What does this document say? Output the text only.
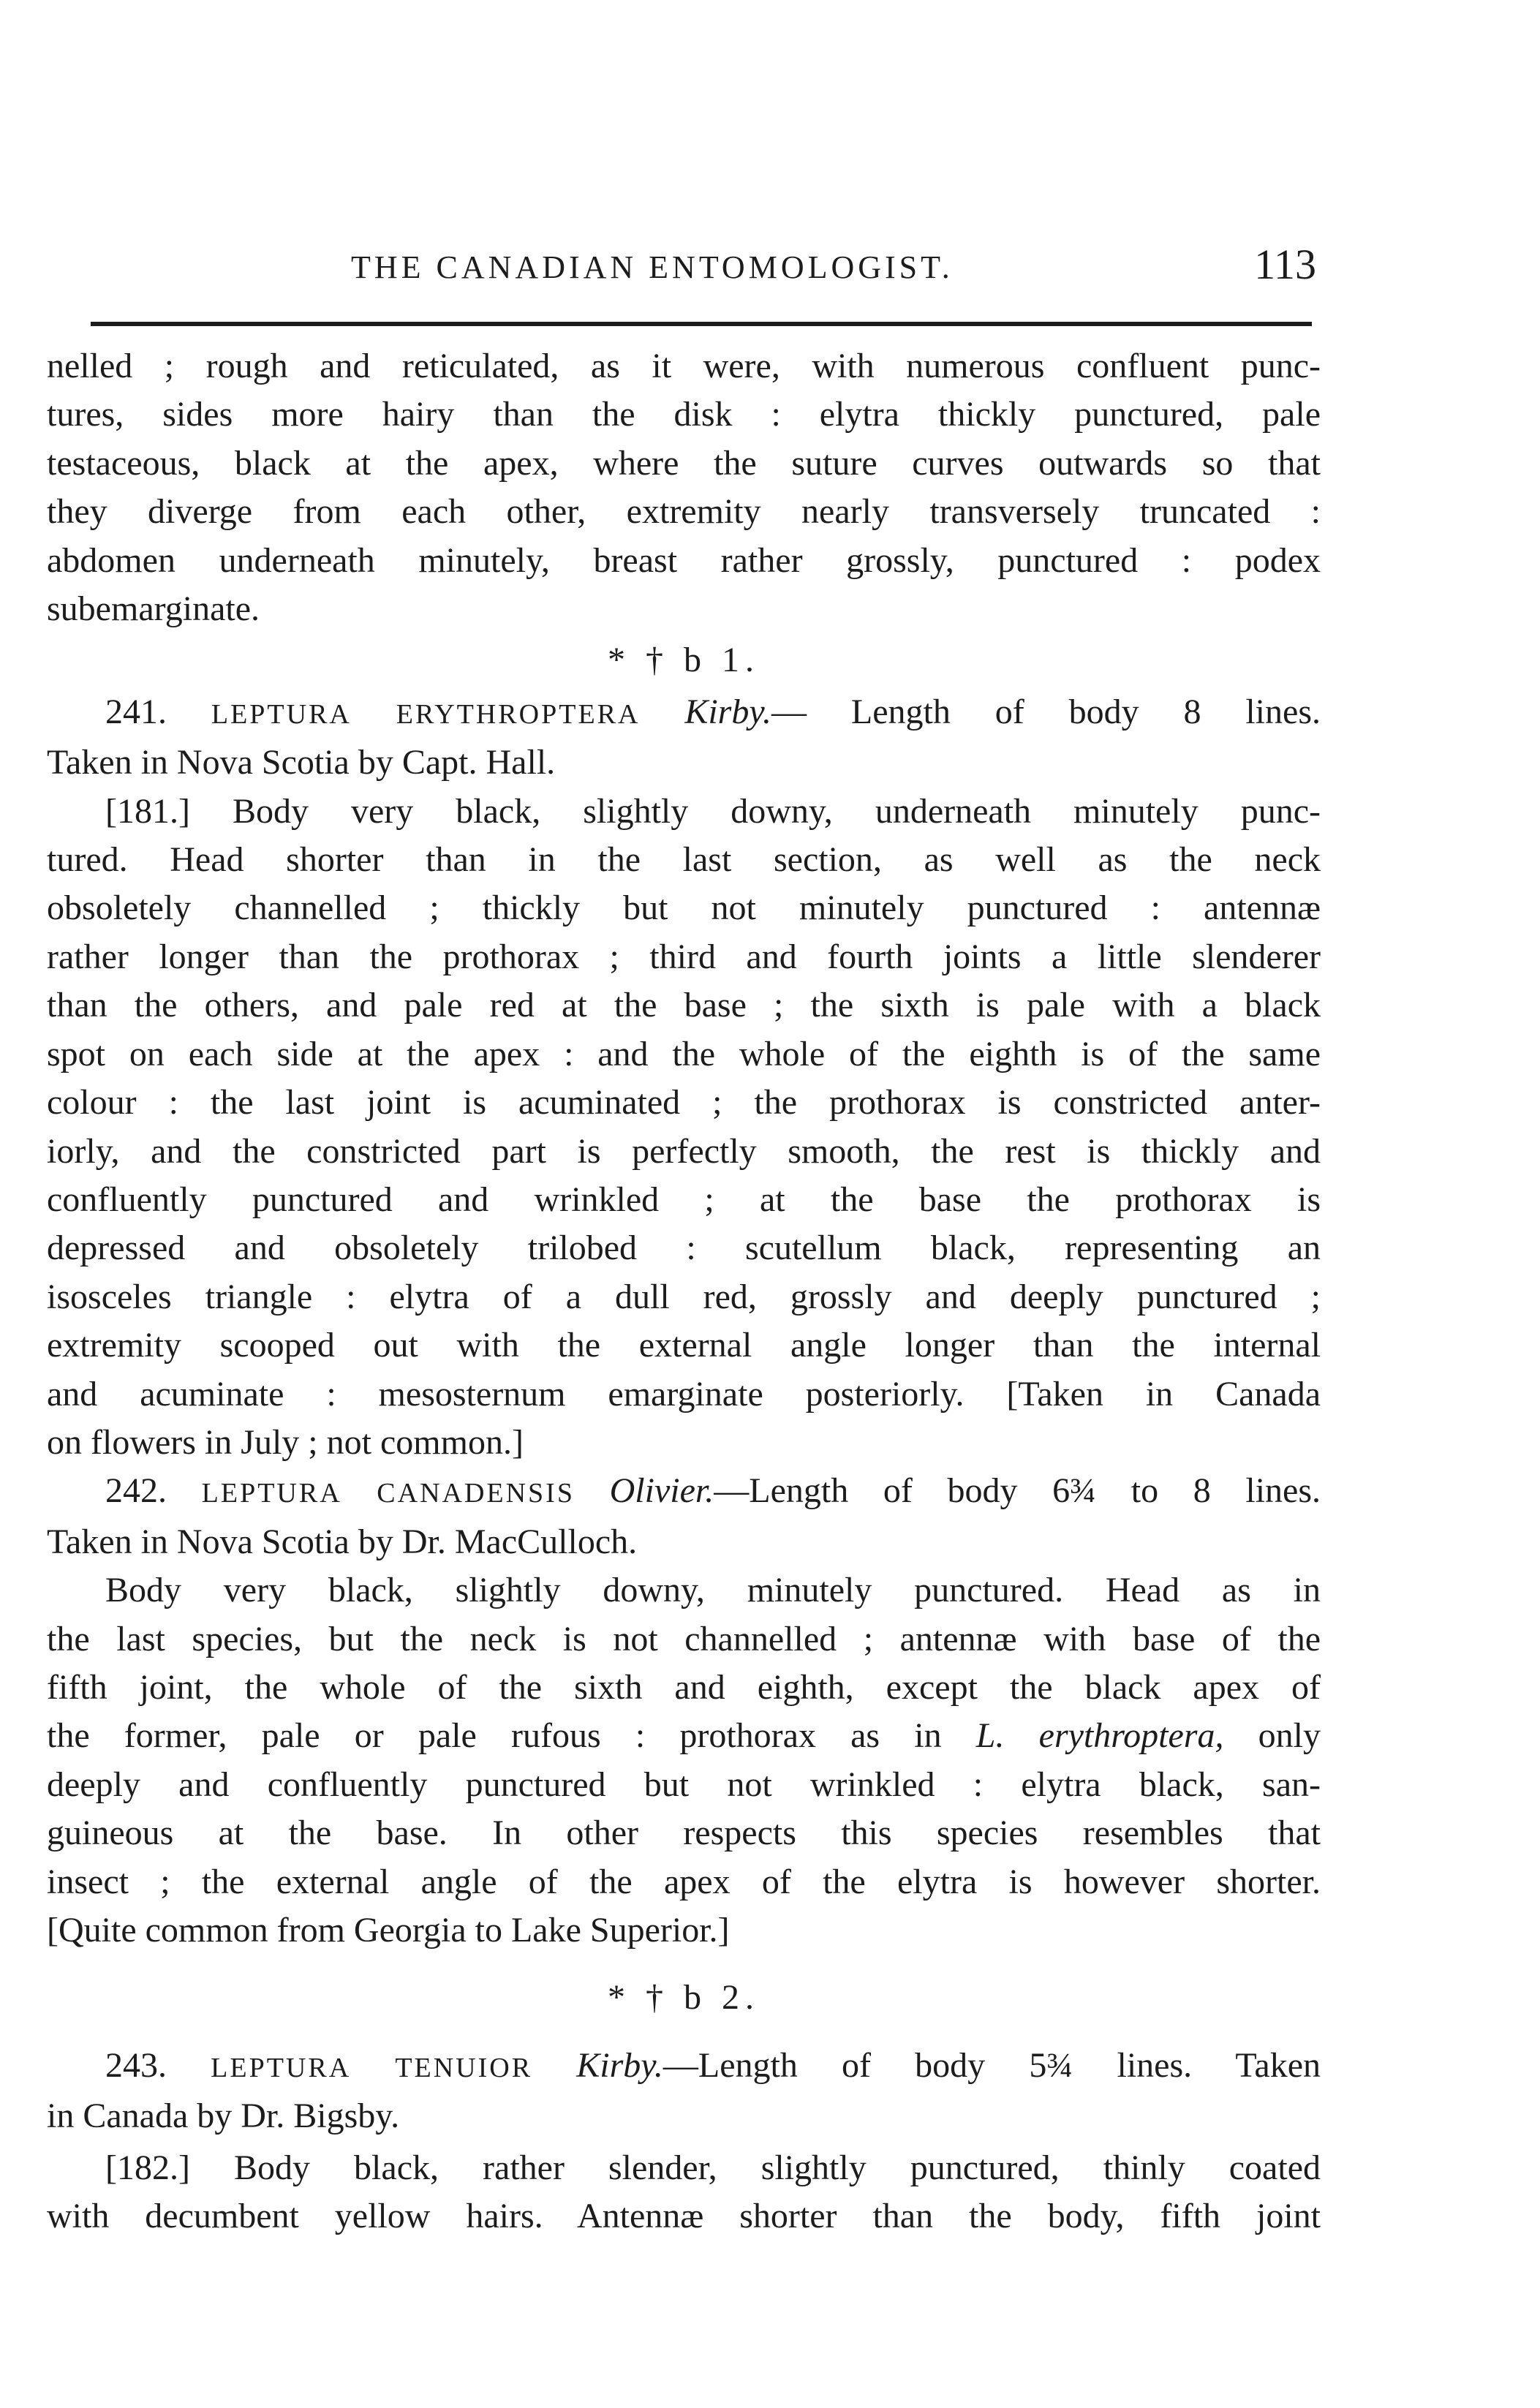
THE CANADIAN ENTOMOLOGIST.	113

nelled ; rough and reticulated, as it were, with numerous confluent punc-

tures, sides more hairy than the disk : elytra thickly punctured, pale

testaceous, black at the apex, where the suture curves outwards so that

they diverge from each other, extremity nearly transversely truncated :

abdomen underneath minutely, breast rather grossly, punctured : podex

subemarginate.

* † b 1.

241. LEPTURA ERYTHROPTERA Kirby.— Length of body 8 lines.

Taken in Nova Scotia by Capt. Hall.

[181.] Body very black, slightly downy, underneath minutely punc-

tured. Head shorter than in the last section, as well as the neck

obsoletely channelled ; thickly but not minutely punctured : antennæ

rather longer than the prothorax ; third and fourth joints a little slenderer

than the others, and pale red at the base ; the sixth is pale with a black

spot on each side at the apex : and the whole of the eighth is of the same

colour : the last joint is acuminated ; the prothorax is constricted anter-

iorly, and the constricted part is perfectly smooth, the rest is thickly and

confluently punctured and wrinkled ; at the base the prothorax is

depressed and obsoletely trilobed : scutellum black, representing an

isosceles triangle : elytra of a dull red, grossly and deeply punctured ;

extremity scooped out with the external angle longer than the internal

and acuminate : mesosternum emarginate posteriorly. [Taken in Canada

on flowers in July ; not common.]

242. LEPTURA CANADENSIS Olivier.—Length of body 6¾ to 8 lines.

Taken in Nova Scotia by Dr. MacCulloch.

Body very black, slightly downy, minutely punctured. Head as in

the last species, but the neck is not channelled ; antennæ with base of the

fifth joint, the whole of the sixth and eighth, except the black apex of

the former, pale or pale rufous : prothorax as in L. erythroptera, only

deeply and confluently punctured but not wrinkled : elytra black, san-

guineous at the base. In other respects this species resembles that

insect ; the external angle of the apex of the elytra is however shorter.

[Quite common from Georgia to Lake Superior.]

* † b 2.

243. LEPTURA TENUIOR Kirby.—Length of body 5¾ lines. Taken

in Canada by Dr. Bigsby.

[182.] Body black, rather slender, slightly punctured, thinly coated

with decumbent yellow hairs. Antennæ shorter than the body, fifth joint
